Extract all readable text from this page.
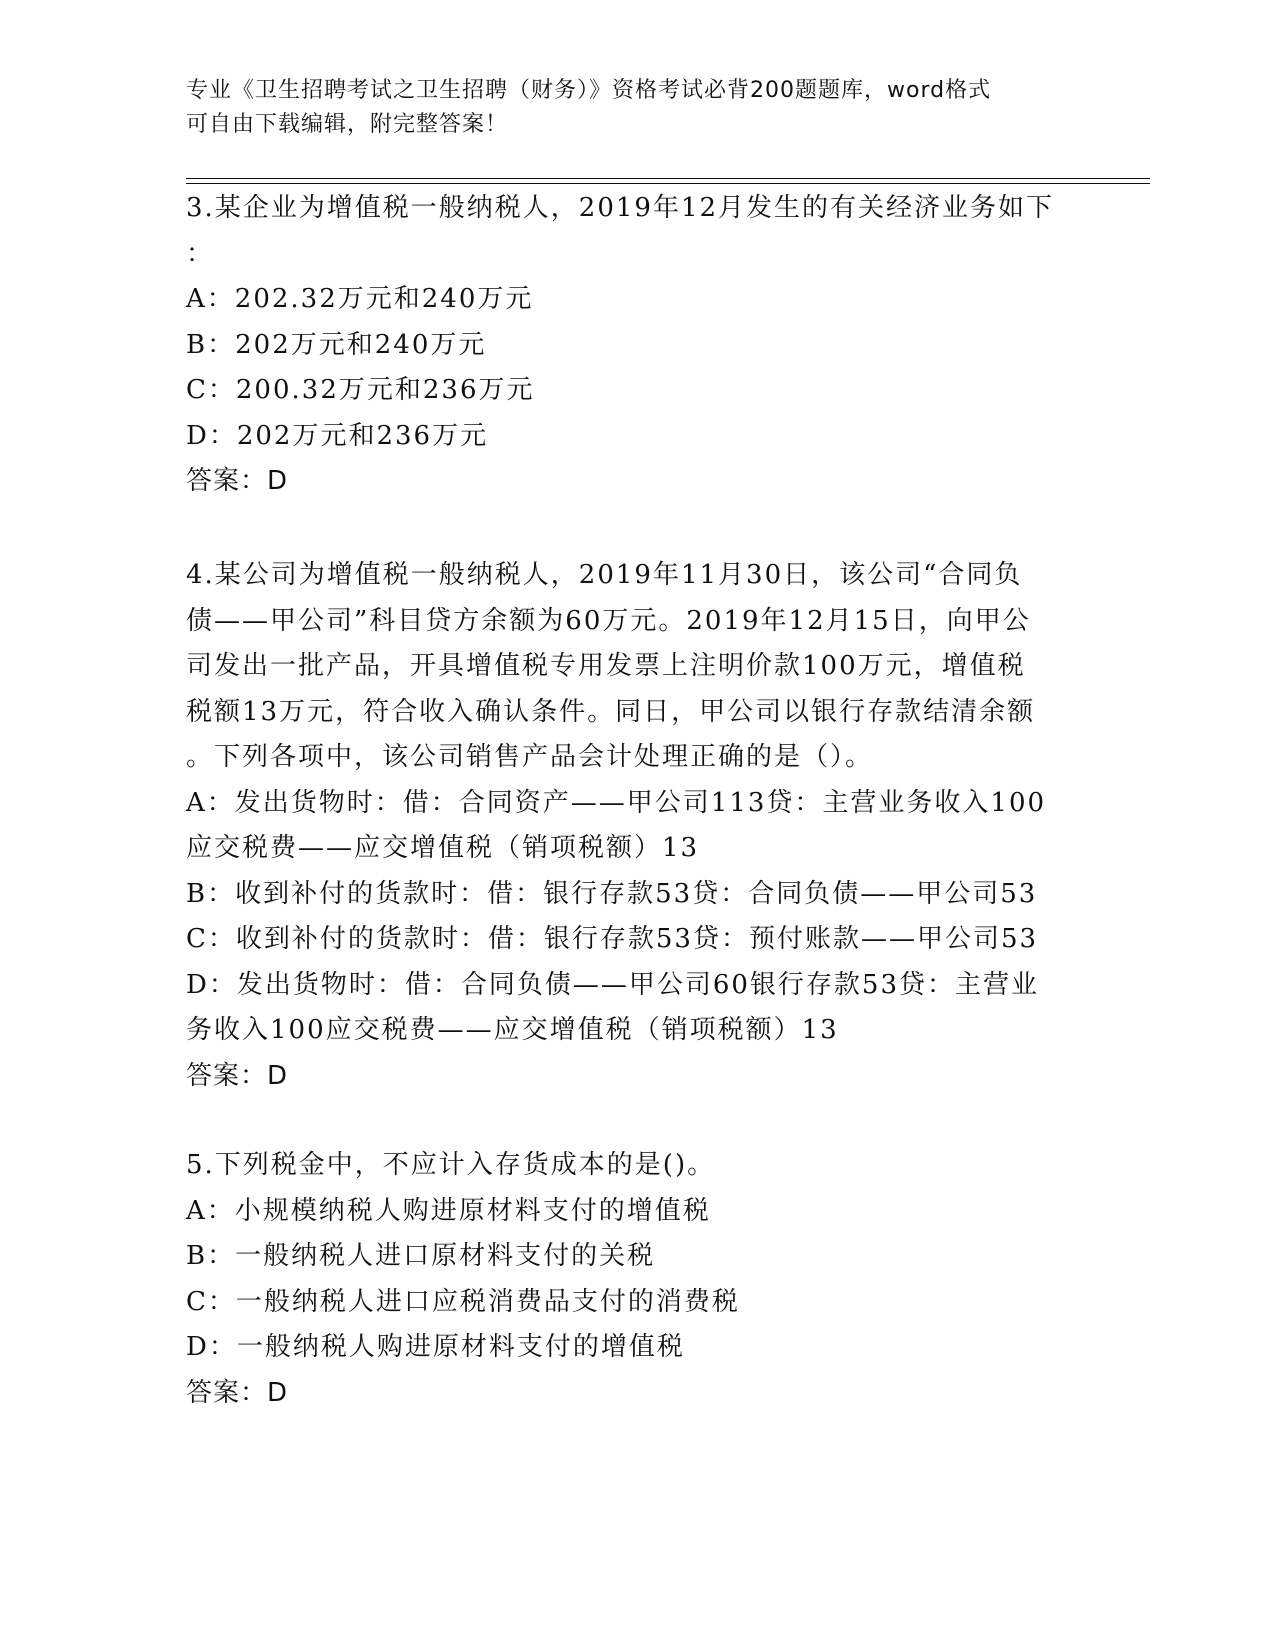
专业《卫生招聘考试之卫生招聘（财务）》资格考试必背200题题库，word格式
可自由下载编辑，附完整答案！
3.某企业为增值税一般纳税人，2019年12月发生的有关经济业务如下
：
A：202.32万元和240万元
B：202万元和240万元
C：200.32万元和236万元
D：202万元和236万元
答案：D
4.某公司为增值税一般纳税人，2019年11月30日，该公司“合同负
债——甲公司”科目贷方余额为60万元。2019年12月15日，向甲公
司发出一批产品，开具增值税专用发票上注明价款100万元，增值税
税额13万元，符合收入确认条件。同日，甲公司以银行存款结清余额
。下列各项中，该公司销售产品会计处理正确的是（）。
A：发出货物时：借：合同资产——甲公司113贷：主营业务收入100
应交税费——应交增值税（销项税额）13
B：收到补付的货款时：借：银行存款53贷：合同负债——甲公司53
C：收到补付的货款时：借：银行存款53贷：预付账款——甲公司53
D：发出货物时：借：合同负债——甲公司60银行存款53贷：主营业
务收入100应交税费——应交增值税（销项税额）13
答案：D
5.下列税金中，不应计入存货成本的是()。
A：小规模纳税人购进原材料支付的增值税
B：一般纳税人进口原材料支付的关税
C：一般纳税人进口应税消费品支付的消费税
D：一般纳税人购进原材料支付的增值税
答案：D
